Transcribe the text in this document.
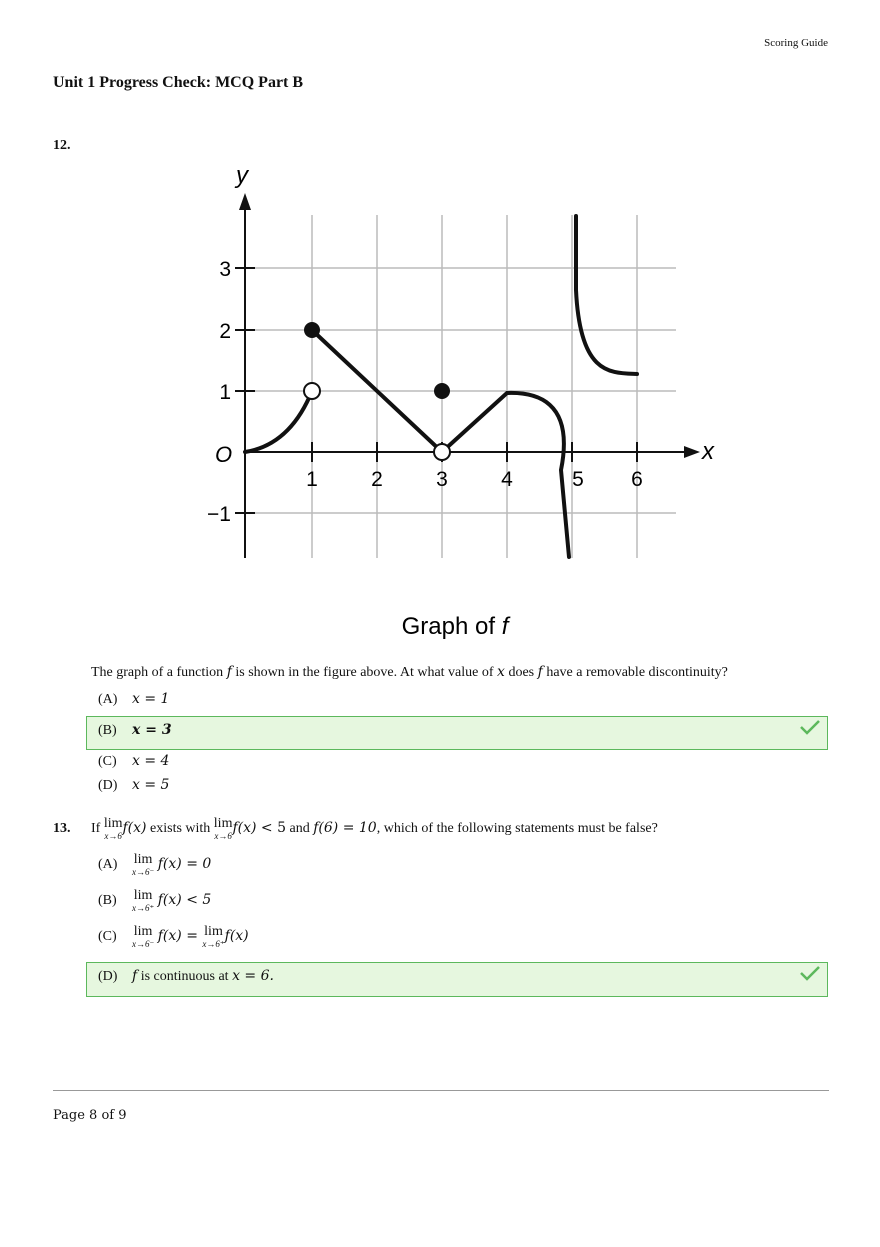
Scoring Guide
Unit 1 Progress Check: MCQ Part B
12.
y
x
O
1	2	3	4	5 6
3
2
1
−1
Graph of f
The graph of a function f is shown in the figure above. At what value of x does f have a removable discontinuity?
(A) x = 1
(B) x = 3
(C) x = 4
(D) x = 5
13. If lim
x→6 f(x) exists with lim
x→6 f(x) < 5 and f(6) = 10, which of the following statements must be false?
(A) lim
x→6⁻ f(x) = 0
(B) lim
x→6⁺ f(x) < 5
(C) lim
x→6⁻ f(x) = lim
x→6⁺ f(x)
(D) f is continuous at x = 6.
Page 8 of 9
